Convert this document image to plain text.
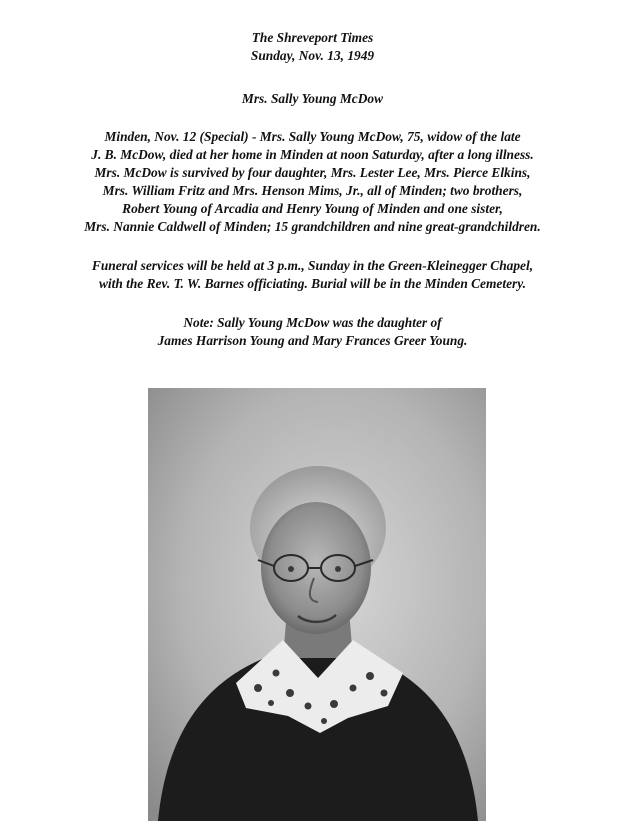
The Shreveport Times
Sunday, Nov. 13, 1949
Mrs. Sally Young McDow
Minden, Nov. 12 (Special) - Mrs. Sally Young McDow, 75, widow of the late
J. B. McDow, died at her home in Minden at noon Saturday, after a long illness.
Mrs. McDow is survived by four daughter, Mrs. Lester Lee, Mrs. Pierce Elkins,
Mrs. William Fritz and Mrs. Henson Mims, Jr., all of Minden; two brothers,
Robert Young of Arcadia and Henry Young of Minden and one sister,
Mrs. Nannie Caldwell of Minden; 15 grandchildren and nine great-grandchildren.
Funeral services will be held at 3 p.m., Sunday in the Green-Kleinegger Chapel,
with the Rev. T. W. Barnes officiating. Burial will be in the Minden Cemetery.
Note: Sally Young McDow was the daughter of
James Harrison Young and Mary Frances Greer Young.
